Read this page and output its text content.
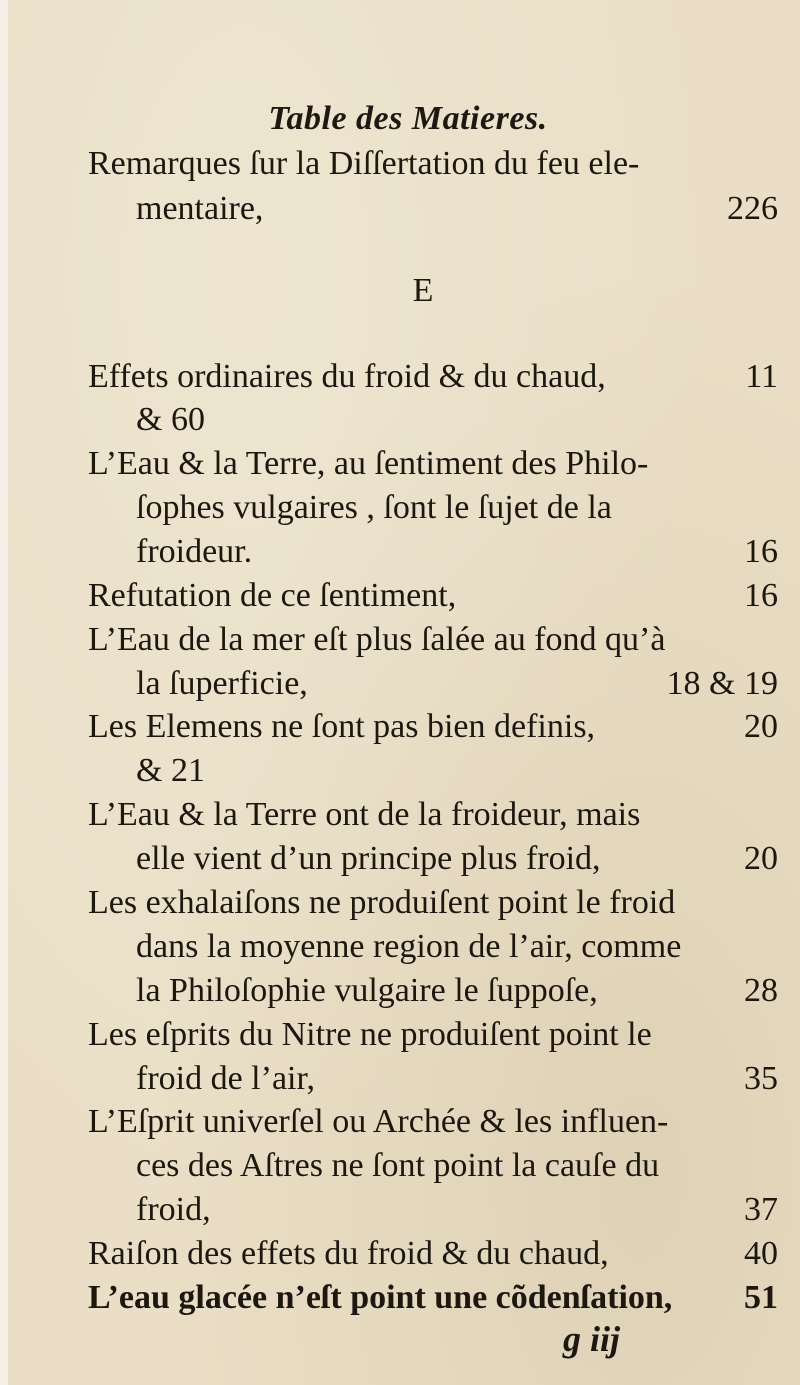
Table des Matieres.
E
Remarques ſur la Diſſertation du feu ele-
mentaire,	226
Effets ordinaires du froid & du chaud,	11
& 60
L’Eau & la Terre, au ſentiment des Philo-
ſophes vulgaires , ſont le ſujet de la
froideur.	16
Refutation de ce ſentiment,	16
L’Eau de la mer eſt plus ſalée au fond qu’à
la ſuperficie,	18 & 19
Les Elemens ne ſont pas bien definis,	20
& 21
L’Eau & la Terre ont de la froideur, mais
elle vient d’un principe plus froid,	20
Les exhalaiſons ne produiſent point le froid
dans la moyenne region de l’air, comme
la Philoſophie vulgaire le ſuppoſe,	28
Les eſprits du Nitre ne produiſent point le
froid de l’air,	35
L’Eſprit univerſel ou Archée & les influen-
ces des Aſtres ne ſont point la cauſe du
froid,	37
Raiſon des effets du froid & du chaud,	40
L’eau glacée n’eſt point une cõdenſation, 51
g iij
